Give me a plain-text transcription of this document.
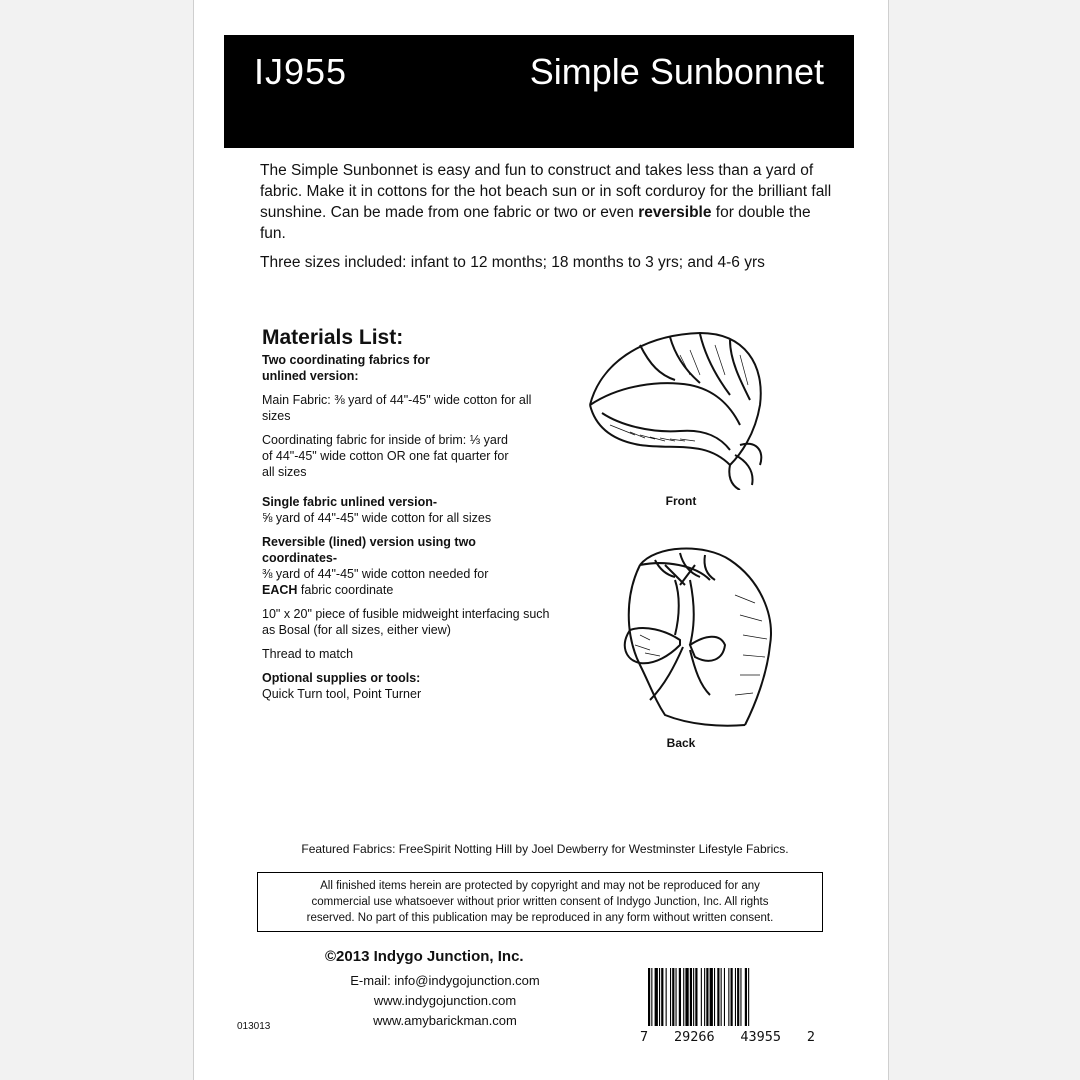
IJ955	Simple Sunbonnet

The Simple Sunbonnet is easy and fun to construct and takes less than a yard of fabric. Make it in cottons for the hot beach sun or in soft corduroy for the brilliant fall sunshine. Can be made from one fabric or two or even reversible for double the fun.

Three sizes included: infant to 12 months; 18 months to 3 yrs; and 4-6 yrs

Materials List:
Two coordinating fabrics for unlined version:
Main Fabric: ⅜ yard of 44"-45" wide cotton for all sizes
Coordinating fabric for inside of brim: ⅓ yard of 44"-45" wide cotton OR one fat quarter for all sizes
Single fabric unlined version-
⅝ yard of 44"-45" wide cotton for all sizes
Reversible (lined) version using two coordinates-
⅜ yard of 44"-45" wide cotton needed for
EACH fabric coordinate
10" x 20" piece of fusible midweight interfacing such as Bosal (for all sizes, either view)
Thread to match
Optional supplies or tools:
Quick Turn tool, Point Turner
Front
Back
Featured Fabrics: FreeSpirit Notting Hill by Joel Dewberry for Westminster Lifestyle Fabrics.
All finished items herein are protected by copyright and may not be reproduced for any
commercial use whatsoever without prior written consent of Indygo Junction, Inc. All rights
reserved. No part of this publication may be reproduced in any form without written consent.
©2013 Indygo Junction, Inc.
E-mail: info@indygojunction.com
www.indygojunction.com
www.amybarickman.com
013013
7 29266 43955 2
